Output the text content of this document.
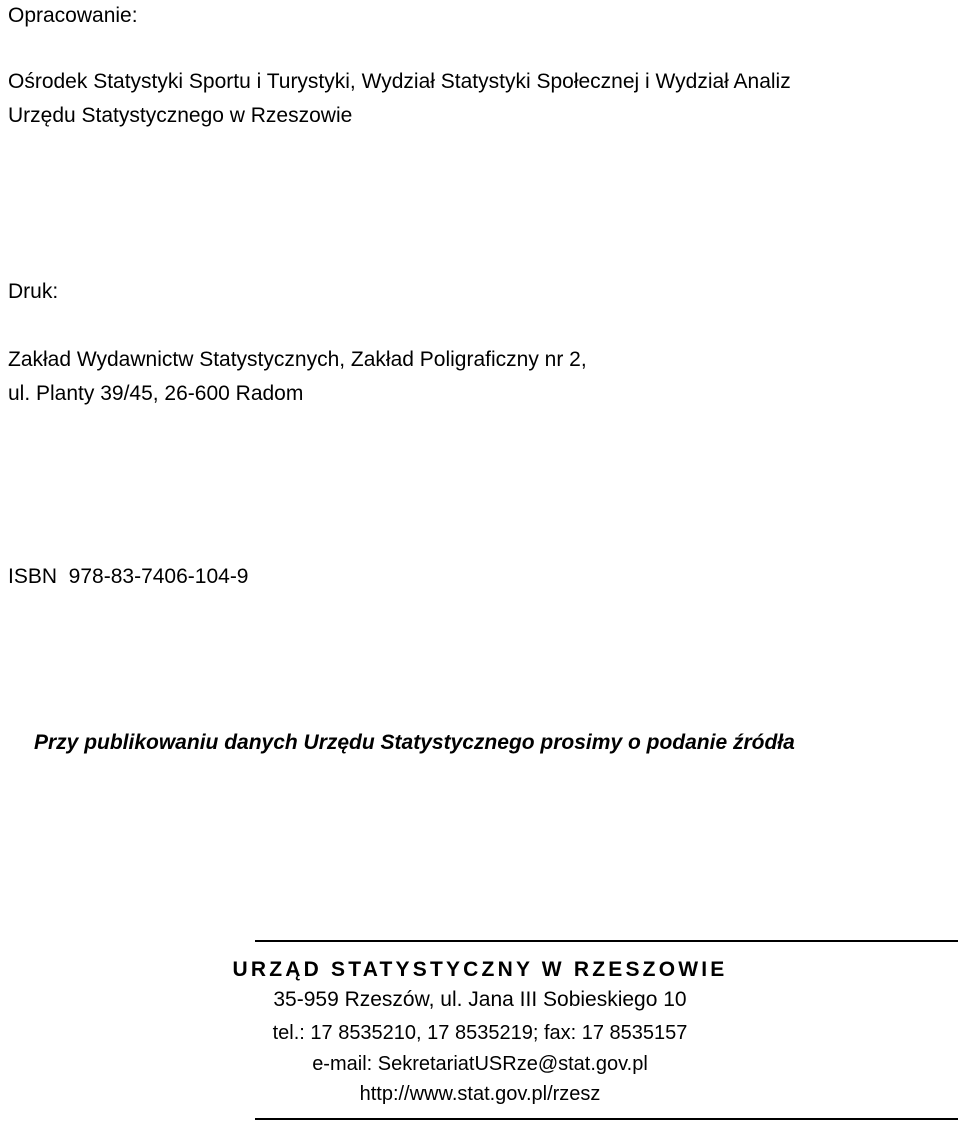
Opracowanie:
Ośrodek Statystyki Sportu i Turystyki, Wydział Statystyki Społecznej i Wydział Analiz
Urzędu Statystycznego w Rzeszowie
Druk:
Zakład Wydawnictw Statystycznych, Zakład Poligraficzny nr 2,
ul. Planty 39/45, 26-600 Radom
ISBN  978-83-7406-104-9
Przy publikowaniu danych Urzędu Statystycznego prosimy o podanie źródła
URZĄD STATYSTYCZNY W RZESZOWIE
35-959 Rzeszów, ul. Jana III Sobieskiego 10
tel.: 17 8535210, 17 8535219; fax: 17 8535157
e-mail: SekretariatUSRze@stat.gov.pl
http://www.stat.gov.pl/rzesz
